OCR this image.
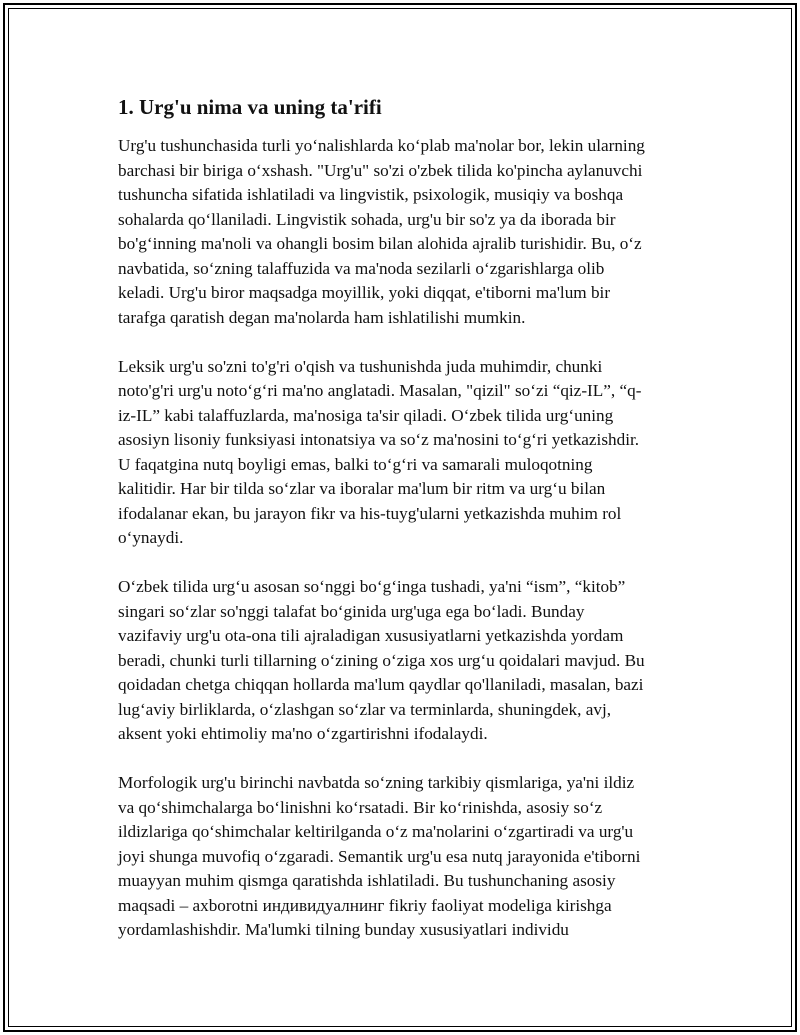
1. Urg'u nima va uning ta'rifi

Urg'u tushunchasida turli yo‘nalishlarda ko‘plab ma'nolar bor, lekin ularning
barchasi bir biriga o‘xshash. "Urg'u" so'zi o'zbek tilida ko'pincha aylanuvchi
tushuncha sifatida ishlatiladi va lingvistik, psixologik, musiqiy va boshqa
sohalarda qo‘llaniladi. Lingvistik sohada, urg'u bir so'z ya da iborada bir
bo'g‘inning ma'noli va ohangli bosim bilan alohida ajralib turishidir. Bu, o‘z
navbatida, so‘zning talaffuzida va ma'noda sezilarli o‘zgarishlarga olib
keladi. Urg'u biror maqsadga moyillik, yoki diqqat, e'tiborni ma'lum bir
tarafga qaratish degan ma'nolarda ham ishlatilishi mumkin.

Leksik urg'u so'zni to'g'ri o'qish va tushunishda juda muhimdir, chunki
noto'g'ri urg'u noto‘g‘ri ma'no anglatadi. Masalan, "qizil" so‘zi “qiz-IL”, “q-
iz-IL” kabi talaffuzlarda, ma'nosiga ta'sir qiladi. O‘zbek tilida urg‘uning
asosiyn lisoniy funksiyasi intonatsiya va so‘z ma'nosini to‘g‘ri yetkazishdir.
U faqatgina nutq boyligi emas, balki to‘g‘ri va samarali muloqotning
kalitidir. Har bir tilda so‘zlar va iboralar ma'lum bir ritm va urg‘u bilan
ifodalanar ekan, bu jarayon fikr va his-tuyg'ularni yetkazishda muhim rol
o‘ynaydi.

O‘zbek tilida urg‘u asosan so‘nggi bo‘g‘inga tushadi, ya'ni “ism”, “kitob”
singari so‘zlar so'nggi talafat bo‘ginida urg'uga ega bo‘ladi. Bunday
vazifaviy urg'u ota-ona tili ajraladigan xususiyatlarni yetkazishda yordam
beradi, chunki turli tillarning o‘zining o‘ziga xos urg‘u qoidalari mavjud. Bu
qoidadan chetga chiqqan hollarda ma'lum qaydlar qo'llaniladi, masalan, bazi
lug‘aviy birliklarda, o‘zlashgan so‘zlar va terminlarda, shuningdek, avj,
aksent yoki ehtimoliy ma'no o‘zgartirishni ifodalaydi.

Morfologik urg'u birinchi navbatda so‘zning tarkibiy qismlariga, ya'ni ildiz
va qo‘shimchalarga bo‘linishni ko‘rsatadi. Bir ko‘rinishda, asosiy so‘z
ildizlariga qo‘shimchalar keltirilganda o‘z ma'nolarini o‘zgartiradi va urg'u
joyi shunga muvofiq o‘zgaradi. Semantik urg'u esa nutq jarayonida e'tiborni
muayyan muhim qismga qaratishda ishlatiladi. Bu tushunchaning asosiy
maqsadi – axborotni индивидуалнинг fikriy faoliyat modeliga kirishga
yordamlashishdir. Ma'lumki tilning bunday xususiyatlari individu
